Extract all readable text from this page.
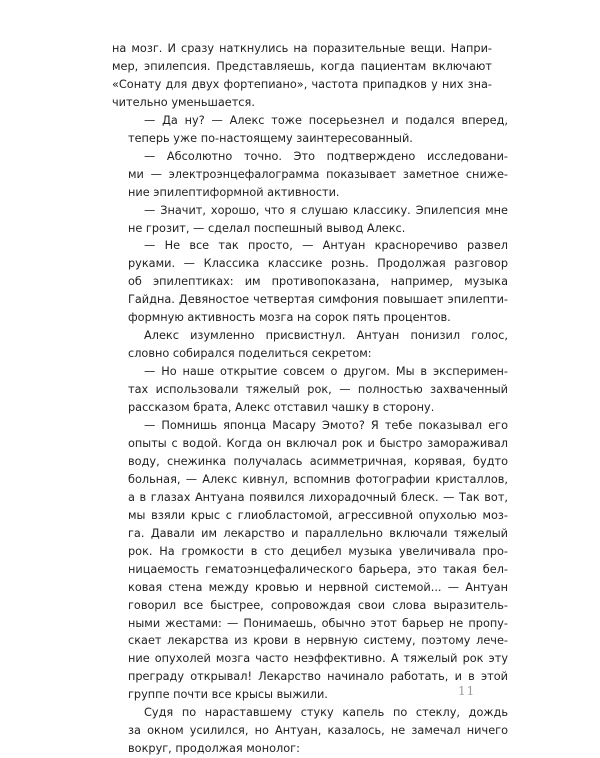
на мозг. И сразу наткнулись на поразительные вещи. Напри-
мер, эпилепсия. Представляешь, когда пациентам включают
«Сонату для двух фортепиано», частота припадков у них зна-
чительно уменьшается.

— Да ну? — Алекс тоже посерьезнел и подался вперед,
теперь уже по-настоящему заинтересованный.

— Абсолютно точно. Это подтверждено исследовани-
ми — электроэнцефалограмма показывает заметное сниже-
ние эпилептиформной активности.

— Значит, хорошо, что я слушаю классику. Эпилепсия мне
не грозит, — сделал поспешный вывод Алекс.

— Не все так просто, — Антуан красноречиво развел
руками. — Классика классике рознь. Продолжая разговор
об эпилептиках: им противопоказана, например, музыка
Гайдна. Девяностое четвертая симфония повышает эпилепти-
формную активность мозга на сорок пять процентов.

Алекс изумленно присвистнул. Антуан понизил голос,
словно собирался поделиться секретом:

— Но наше открытие совсем о другом. Мы в эксперимен-
тах использовали тяжелый рок, — полностью захваченный
рассказом брата, Алекс отставил чашку в сторону.

— Помнишь японца Масару Эмото? Я тебе показывал его
опыты с водой. Когда он включал рок и быстро замораживал
воду, снежинка получалась асимметричная, корявая, будто
больная, — Алекс кивнул, вспомнив фотографии кристаллов,
а в глазах Антуана появился лихорадочный блеск. — Так вот,
мы взяли крыс с глиобластомой, агрессивной опухолью моз-
га. Давали им лекарство и параллельно включали тяжелый
рок. На громкости в сто децибел музыка увеличивала про-
ницаемость гематоэнцефалического барьера, это такая бел-
ковая стена между кровью и нервной системой... — Антуан
говорил все быстрее, сопровождая свои слова выразитель-
ными жестами: — Понимаешь, обычно этот барьер не пропу-
скает лекарства из крови в нервную систему, поэтому лече-
ние опухолей мозга часто неэффективно. А тяжелый рок эту
преграду открывал! Лекарство начинало работать, и в этой
группе почти все крысы выжили.

Судя по нараставшему стуку капель по стеклу, дождь
за окном усилился, но Антуан, казалось, не замечал ничего
вокруг, продолжая монолог:

11
